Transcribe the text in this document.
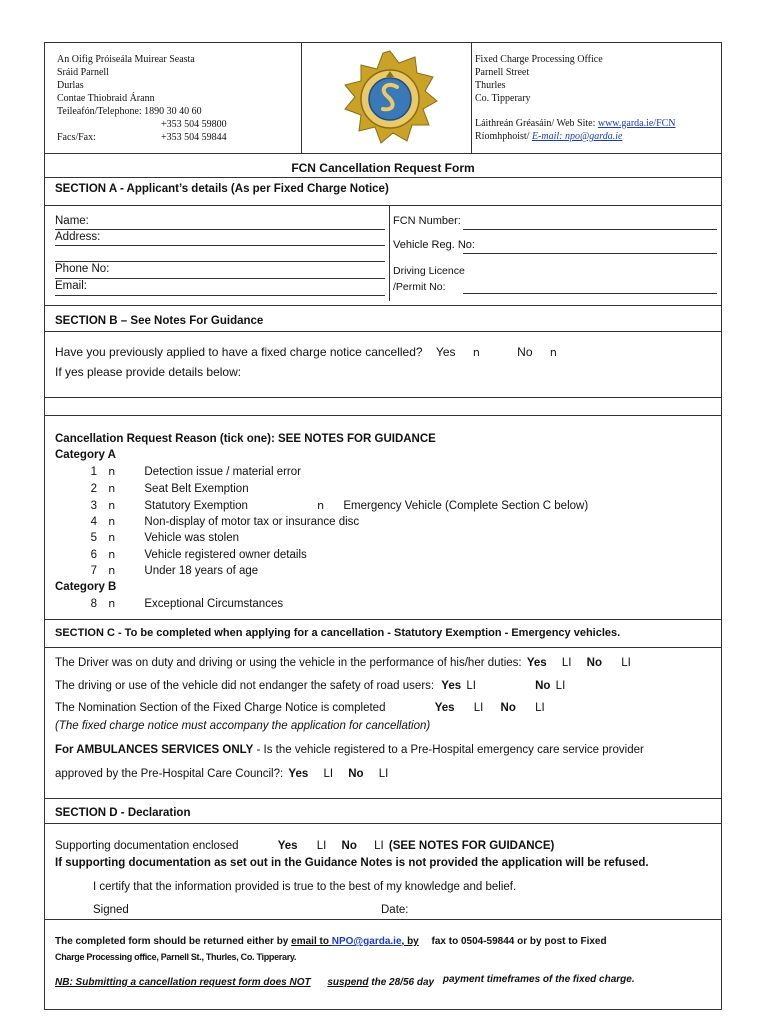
An Oifig Próiseála Muirear Seasta
Sráid Parnell
Durlas
Contae Thiobraid Árann
Teileafón/Telephone: 1890 30 40 60
+353 504 59800
Facs/Fax:	+353 504 59844
Fixed Charge Processing Office
Parnell Street
Thurles
Co. Tipperary
Láithreán Gréasáin/ Web Site: www.garda.ie/FCN
Ríomhphoist/ E-mail: npo@garda.ie
FCN Cancellation Request Form
SECTION A - Applicant’s details (As per Fixed Charge Notice)
Name:
Address:
FCN Number:
Vehicle Reg. No:
Phone No:
Email:
Driving Licence
/Permit No:
SECTION B – See Notes For Guidance
Have you previously applied to have a fixed charge notice cancelled? Yes n	No n
If yes please provide details below:
Cancellation Request Reason (tick one): SEE NOTES FOR GUIDANCE
Category A
1 n	Detection issue / material error
2 n	Seat Belt Exemption
3 n	Statutory Exemption	n Emergency Vehicle (Complete Section C below)
4 n	Non-display of motor tax or insurance disc
5 n	Vehicle was stolen
6 n	Vehicle registered owner details
7 n	Under 18 years of age
Category B
8 n	Exceptional Circumstances
SECTION C - To be completed when applying for a cancellation - Statutory Exemption - Emergency vehicles.
The Driver was on duty and driving or using the vehicle in the performance of his/her duties: Yes LI No LI
The driving or use of the vehicle did not endanger the safety of road users: Yes LI	No LI
The Nomination Section of the Fixed Charge Notice is completed	Yes LI No LI
(The fixed charge notice must accompany the application for cancellation)
For AMBULANCES SERVICES ONLY - Is the vehicle registered to a Pre-Hospital emergency care service provider
approved by the Pre-Hospital Care Council?: Yes LI No LI
SECTION D - Declaration
Supporting documentation enclosed	Yes LI No LI (SEE NOTES FOR GUIDANCE)
If supporting documentation as set out in the Guidance Notes is not provided the application will be refused.
I certify that the information provided is true to the best of my knowledge and belief.
Signed	Date:
The completed form should be returned either by email to NPO@garda.ie, by fax to 0504-59844 or by post to Fixed
Charge Processing office, Parnell St., Thurles, Co. Tipperary.
NB: Submitting a cancellation request form does NOT suspend the 28/56 day payment timeframes of the fixed charge.
